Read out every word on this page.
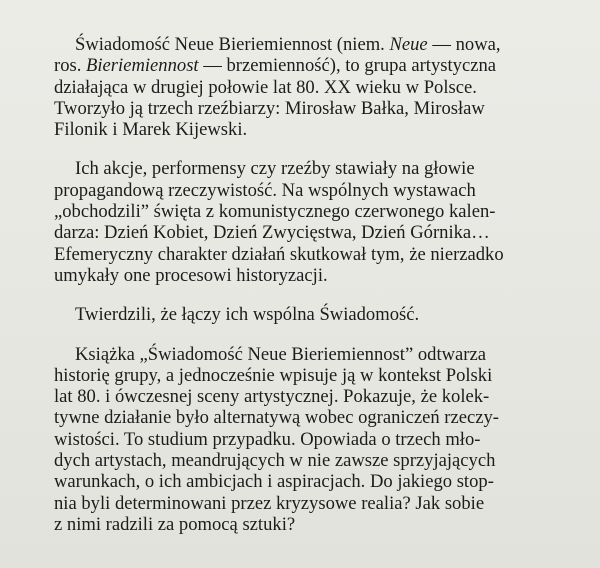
Świadomość Neue Bieriemiennost (niem. Neue — nowa,
ros. Bieriemiennost — brzemienność), to grupa artystyczna
działająca w drugiej połowie lat 80. XX wieku w Polsce.
Tworzyło ją trzech rzeźbiarzy: Mirosław Bałka, Mirosław
Filonik i Marek Kijewski.

Ich akcje, performensy czy rzeźby stawiały na głowie
propagandową rzeczywistość. Na wspólnych wystawach
„obchodzili” święta z komunistycznego czerwonego kalen-
darza: Dzień Kobiet, Dzień Zwycięstwa, Dzień Górnika…
Efemeryczny charakter działań skutkował tym, że nierzadko
umykały one procesowi historyzacji.

Twierdzili, że łączy ich wspólna Świadomość.

Książka „Świadomość Neue Bieriemiennost” odtwarza
historię grupy, a jednocześnie wpisuje ją w kontekst Polski
lat 80. i ówczesnej sceny artystycznej. Pokazuje, że kolek-
tywne działanie było alternatywą wobec ograniczeń rzeczy-
wistości. To studium przypadku. Opowiada o trzech mło-
dych artystach, meandrujących w nie zawsze sprzyjających
warunkach, o ich ambicjach i aspiracjach. Do jakiego stop-
nia byli determinowani przez kryzysowe realia? Jak sobie
z nimi radzili za pomocą sztuki?
